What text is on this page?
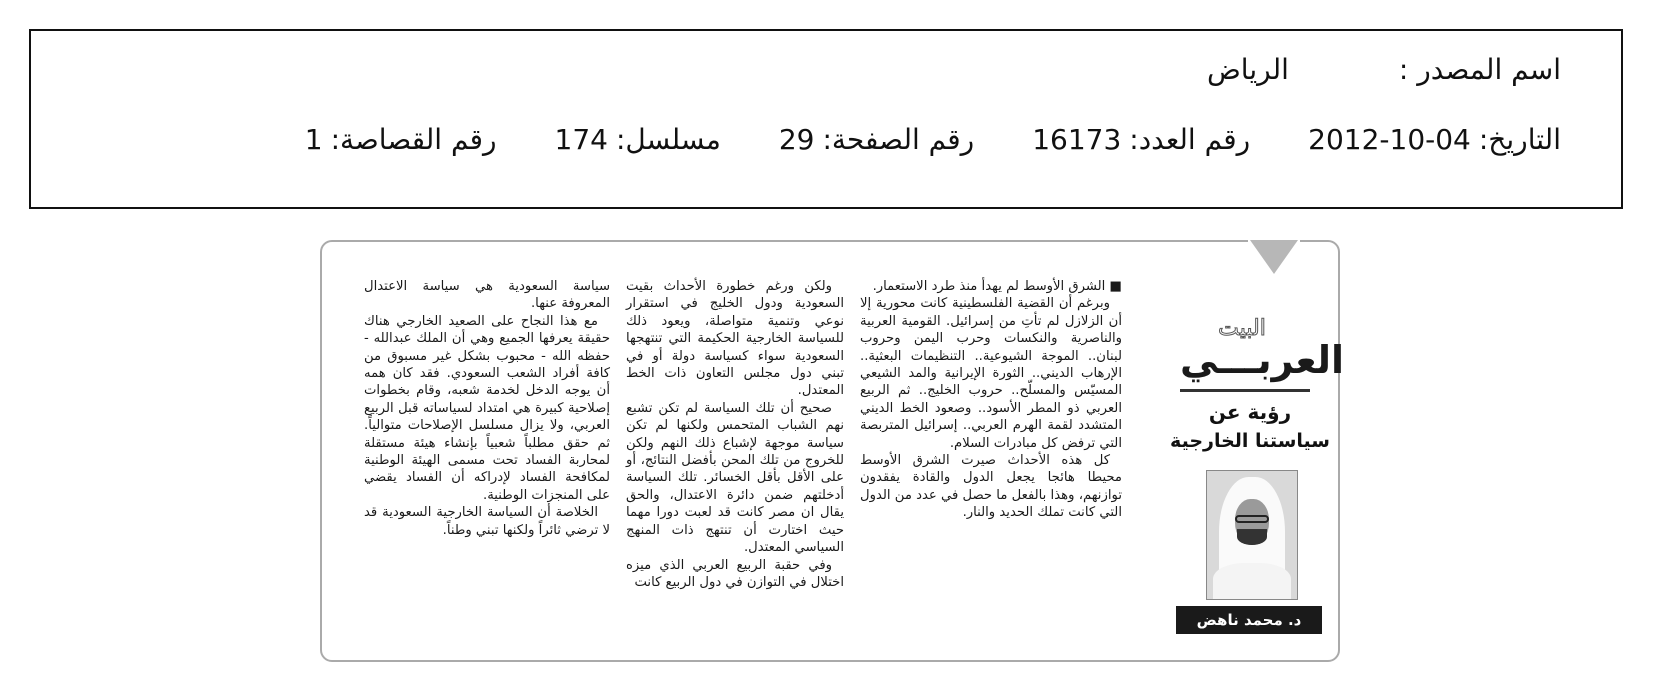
اسم المصدر :
الرياض
التاريخ:2012-10-04
رقم العدد:16173
رقم الصفحة:29
مسلسل:174
رقم القصاصة:1
البيت
العربـــي
رؤية عن
سياستنا الخارجية
د. محمد ناهض القويز

■ الشرق الأوسط لم يهدأ منذ طرد الاستعمار.

وبرغم أن القضية الفلسطينية كانت محورية إلا أن الزلازل لم تأتِ من إسرائيل. القومية العربية والناصرية والنكسات وحرب اليمن وحروب لبنان.. الموجة الشيوعية.. التنظيمات البعثية.. الإرهاب الديني.. الثورة الإيرانية والمد الشيعي المسيّس والمسلّح.. حروب الخليج.. ثم الربيع العربي ذو المطر الأسود.. وصعود الخط الديني المتشدد لقمة الهرم العربي.. إسرائيل المتربصة التي ترفض كل مبادرات السلام.

كل هذه الأحداث صيرت الشرق الأوسط محيطا هائجا يجعل الدول والقادة يفقدون توازنهم، وهذا بالفعل ما حصل في عدد من الدول التي كانت تملك الحديد والنار.

ولكن ورغم خطورة الأحداث بقيت السعودية ودول الخليج في استقرار نوعي وتنمية متواصلة، ويعود ذلك للسياسة الخارجية الحكيمة التي تنتهجها السعودية سواء كسياسة دولة أو في تبني دول مجلس التعاون ذات الخط المعتدل.

صحيح أن تلك السياسة لم تكن تشبع نهم الشباب المتحمس ولكنها لم تكن سياسة موجهة لإشباع ذلك النهم ولكن للخروج من تلك المحن بأفضل النتائج، أو على الأقل بأقل الخسائر. تلك السياسة أدخلتهم ضمن دائرة الاعتدال، والحق يقال ان مصر كانت قد لعبت دورا مهما حيث اختارت أن تنتهج ذات المنهج السياسي المعتدل.

وفي حقبة الربيع العربي الذي ميزه اختلال في التوازن في دول الربيع كانت

سياسة السعودية هي سياسة الاعتدال المعروفة عنها.

مع هذا النجاح على الصعيد الخارجي هناك حقيقة يعرفها الجميع وهي أن الملك عبدالله - حفظه الله - محبوب بشكل غير مسبوق من كافة أفراد الشعب السعودي. فقد كان همه أن يوجه الدخل لخدمة شعبه، وقام بخطوات إصلاحية كبيرة هي امتداد لسياساته قبل الربيع العربي، ولا يزال مسلسل الإصلاحات متوالياً. ثم حقق مطلباً شعبياً بإنشاء هيئة مستقلة لمحاربة الفساد تحت مسمى الهيئة الوطنية لمكافحة الفساد لإدراكه أن الفساد يقضي على المنجزات الوطنية.

الخلاصة أن السياسة الخارجية السعودية قد لا ترضي ثائراً ولكنها تبني وطناً.
